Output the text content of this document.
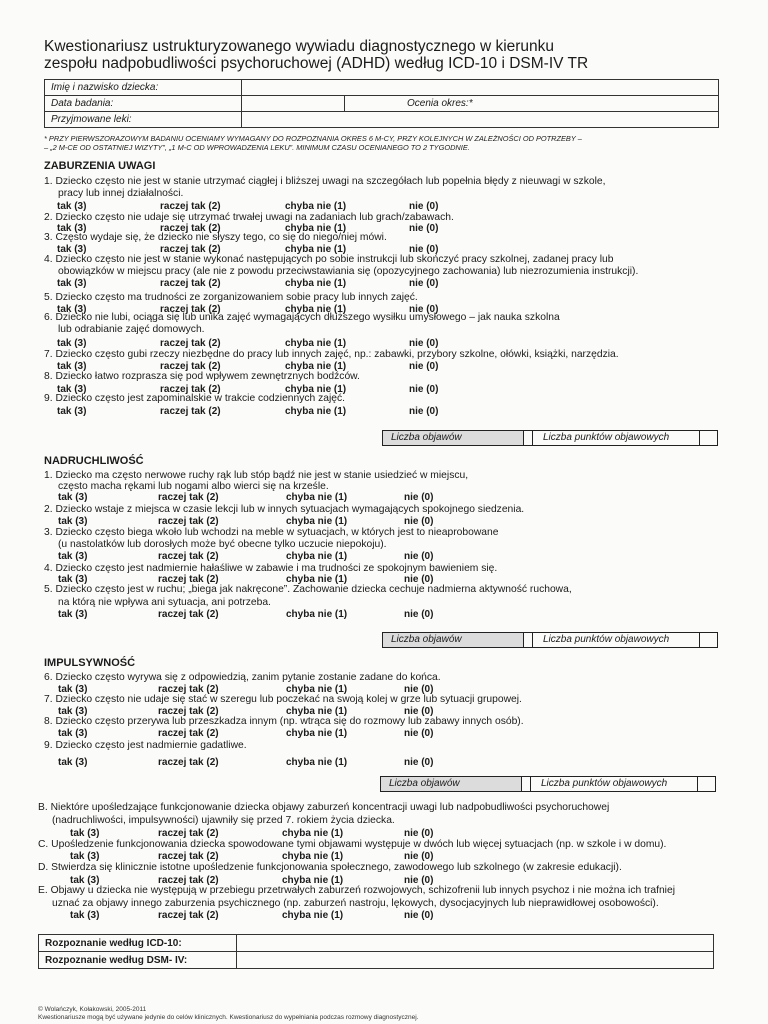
Kwestionariusz ustrukturyzowanego wywiadu diagnostycznego w kierunku
zespołu nadpobudliwości psychoruchowej (ADHD) według ICD-10 i DSM-IV TR
Imię i nazwisko dziecka:		
Data badania:		Ocenia okres:*
Przyjmowane leki:		
* PRZY PIERWSZORAZOWYM BADANIU OCENIAMY WYMAGANY DO ROZPOZNANIA OKRES 6 M-CY, PRZY KOLEJNYCH W ZALEŻNOŚCI OD POTRZEBY –
– „2 M-CE OD OSTATNIEJ WIZYTY”, „1 M-C OD WPROWADZENIA LEKU”. MINIMUM CZASU OCENIANEGO TO 2 TYGODNIE.
ZABURZENIA UWAGI
NADRUCHLIWOŚĆ
IMPULSYWNOŚĆ
1. Dziecko często nie jest w stanie utrzymać ciągłej i bliższej uwagi na szczegółach lub popełnia błędy z nieuwagi w szkole,
pracy lub innej działalności.
tak (3)	raczej tak (2)	chyba nie (1)	nie (0)
2. Dziecko często nie udaje się utrzymać trwałej uwagi na zadaniach lub grach/zabawach.
tak (3)	raczej tak (2)	chyba nie (1)	nie (0)
3. Często wydaje się, że dziecko nie słyszy tego, co się do niego/niej mówi.
tak (3)	raczej tak (2)	chyba nie (1)	nie (0)
4. Dziecko często nie jest w stanie wykonać następujących po sobie instrukcji lub skończyć pracy szkolnej, zadanej pracy lub
obowiązków w miejscu pracy (ale nie z powodu przeciwstawiania się (opozycyjnego zachowania) lub niezrozumienia instrukcji).
tak (3)	raczej tak (2)	chyba nie (1)	nie (0)
5. Dziecko często ma trudności ze zorganizowaniem sobie pracy lub innych zajęć.
tak (3)	raczej tak (2)	chyba nie (1)	nie (0)
6. Dziecko nie lubi, ociąga się lub unika zajęć wymagających dłuższego wysiłku umysłowego – jak nauka szkolna
lub odrabianie zajęć domowych.
tak (3)	raczej tak (2)	chyba nie (1)	nie (0)
7. Dziecko często gubi rzeczy niezbędne do pracy lub innych zajęć, np.: zabawki, przybory szkolne, ołówki, książki, narzędzia.
tak (3)	raczej tak (2)	chyba nie (1)	nie (0)
8. Dziecko łatwo rozprasza się pod wpływem zewnętrznych bodźców.
tak (3)	raczej tak (2)	chyba nie (1)	nie (0)
9. Dziecko często jest zapominalskie w trakcie codziennych zajęć.
tak (3)	raczej tak (2)	chyba nie (1)	nie (0)
1. Dziecko ma często nerwowe ruchy rąk lub stóp bądź nie jest w stanie usiedzieć w miejscu,
często macha rękami lub nogami albo wierci się na krześle.
tak (3)	raczej tak (2)	chyba nie (1)	nie (0)
2. Dziecko wstaje z miejsca w czasie lekcji lub w innych sytuacjach wymagających spokojnego siedzenia.
tak (3)	raczej tak (2)	chyba nie (1)	nie (0)
3. Dziecko często biega wkoło lub wchodzi na meble w sytuacjach, w których jest to nieaprobowane
(u nastolatków lub dorosłych może być obecne tylko uczucie niepokoju).
tak (3)	raczej tak (2)	chyba nie (1)	nie (0)
4. Dziecko często jest nadmiernie hałaśliwe w zabawie i ma trudności ze spokojnym bawieniem się.
tak (3)	raczej tak (2)	chyba nie (1)	nie (0)
5. Dziecko często jest w ruchu; „biega jak nakręcone”. Zachowanie dziecka cechuje nadmierna aktywność ruchowa,
na którą nie wpływa ani sytuacja, ani potrzeba.
tak (3)	raczej tak (2)	chyba nie (1)	nie (0)
6. Dziecko często wyrywa się z odpowiedzią, zanim pytanie zostanie zadane do końca.
tak (3)	raczej tak (2)	chyba nie (1)	nie (0)
7. Dziecko często nie udaje się stać w szeregu lub poczekać na swoją kolej w grze lub sytuacji grupowej.
tak (3)	raczej tak (2)	chyba nie (1)	nie (0)
8. Dziecko często przerywa lub przeszkadza innym (np. wtrąca się do rozmowy lub zabawy innych osób).
tak (3)	raczej tak (2)	chyba nie (1)	nie (0)
9. Dziecko często jest nadmiernie gadatliwe.
tak (3)	raczej tak (2)	chyba nie (1)	nie (0)
B. Niektóre upośledzające funkcjonowanie dziecka objawy zaburzeń koncentracji uwagi lub nadpobudliwości psychoruchowej
(nadruchliwości, impulsywności) ujawniły się przed 7. rokiem życia dziecka.
tak (3)	raczej tak (2)	chyba nie (1)	nie (0)
C. Upośledzenie funkcjonowania dziecka spowodowane tymi objawami występuje w dwóch lub więcej sytuacjach (np. w szkole i w domu).
tak (3)	raczej tak (2)	chyba nie (1)	nie (0)
D. Stwierdza się klinicznie istotne upośledzenie funkcjonowania społecznego, zawodowego lub szkolnego (w zakresie edukacji).
tak (3)	raczej tak (2)	chyba nie (1)	nie (0)
E. Objawy u dziecka nie występują w przebiegu przetrwałych zaburzeń rozwojowych, schizofrenii lub innych psychoz i nie można ich trafniej
uznać za objawy innego zaburzenia psychicznego (np. zaburzeń nastroju, lękowych, dysocjacyjnych lub nieprawidłowej osobowości).
tak (3)	raczej tak (2)	chyba nie (1)	nie (0)
Liczba objawów	Liczba punktów objawowych
Liczba objawów	Liczba punktów objawowych
Liczba objawów	Liczba punktów objawowych
Rozpoznanie według ICD-10:	
Rozpoznanie według DSM- IV:	
© Wolańczyk, Kołakowski, 2005-2011
Kwestionariusze mogą być używane jedynie do celów klinicznych. Kwestionariusz do wypełniania podczas rozmowy diagnostycznej.
